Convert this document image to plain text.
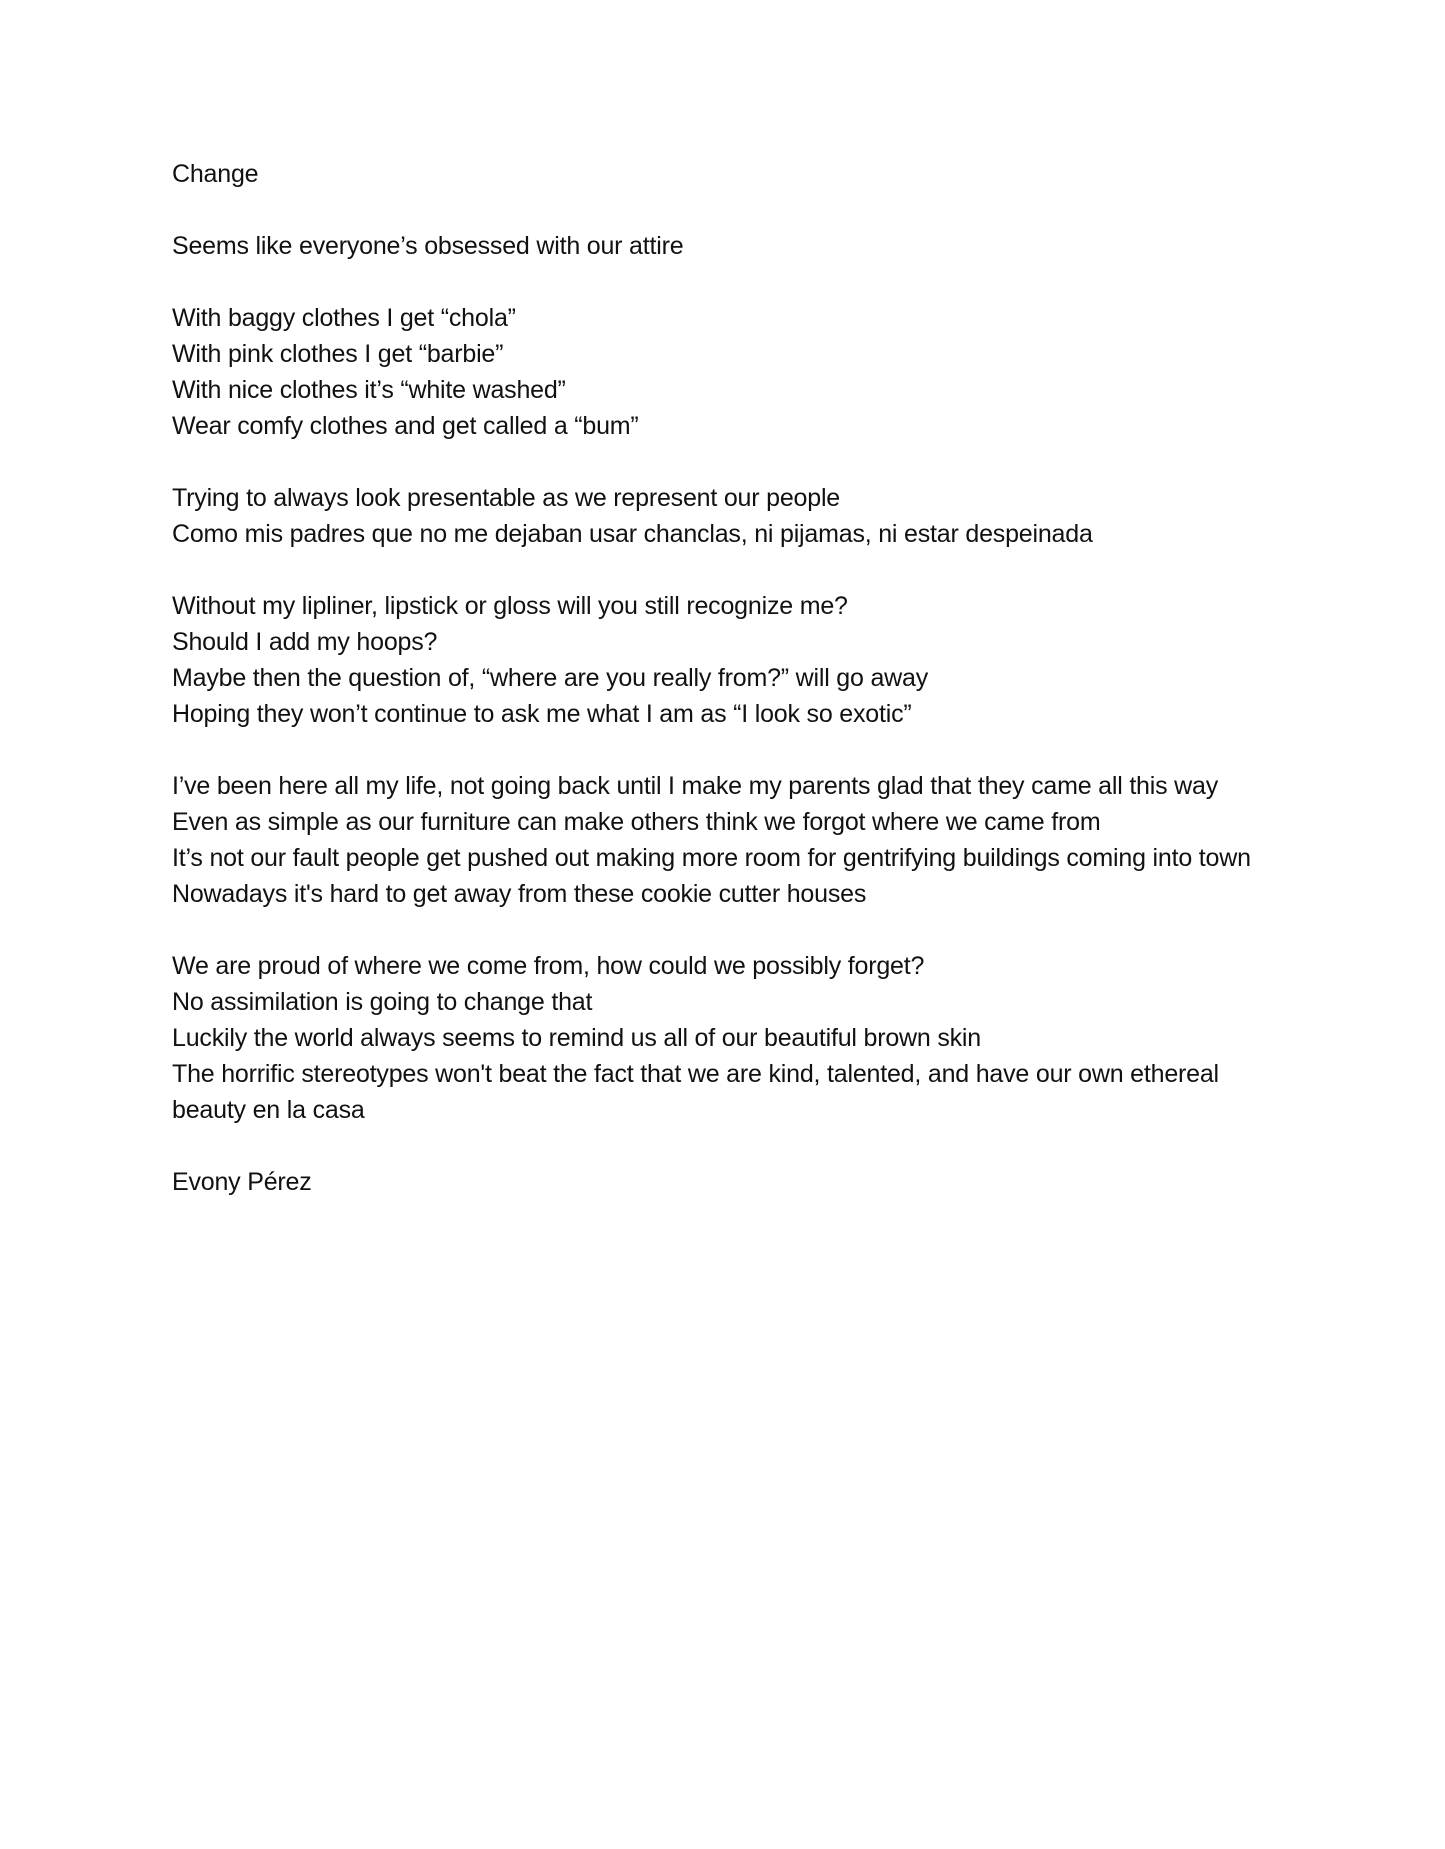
Change
Seems like everyone’s obsessed with our attire
With baggy clothes I get “chola”
With pink clothes I get “barbie”
With nice clothes it’s “white washed”
Wear comfy clothes and get called a “bum”
Trying to always look presentable as we represent our people
Como mis padres que no me dejaban usar chanclas, ni pijamas, ni estar despeinada
Without my lipliner, lipstick or gloss will you still recognize me?
Should I add my hoops?
Maybe then the question of, “where are you really from?” will go away
Hoping they won’t continue to ask me what I am as “I look so exotic”
I’ve been here all my life, not going back until I make my parents glad that they came all this way
Even as simple as our furniture can make others think we forgot where we came from
It’s not our fault people get pushed out making more room for gentrifying buildings coming into town
Nowadays it's hard to get away from these cookie cutter houses
We are proud of where we come from, how could we possibly forget?
No assimilation is going to change that
Luckily the world always seems to remind us all of our beautiful brown skin
The horrific stereotypes won't beat the fact that we are kind, talented, and have our own ethereal
beauty en la casa
Evony Pérez
